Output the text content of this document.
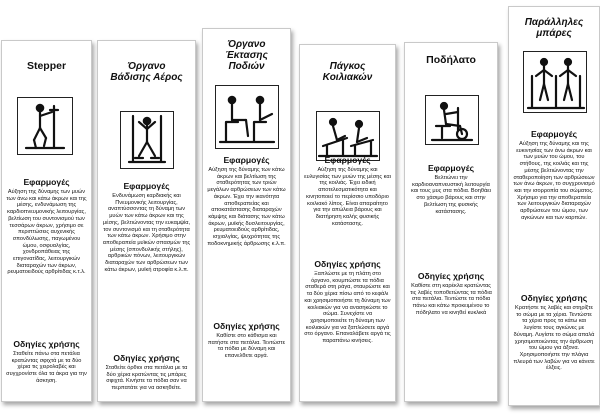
Stepper
Εφαρμογές
Αύξηση της δύναμης των μυών των άνω και κάτω άκρων και της μέσης, ενδυνάμωση της καρδιοπνευμονικής λειτουργίας, βελτίωση του συντονισμού των τεσσάρων άκρων, χρήσιμο σε περιπτώσεις αυχενικής σπονδύλωσης, παγωμένου ώμου, οσφυαλγίας, χονδροπάθειας της επιγονατίδας, λειτουργικών διαταραχών των άκρων, ρευματοειδούς αρθρίτιδας κ.τ.λ.
Οδηγίες χρήσης
Σταθείτε πάνω στα πετάλια κρατώντας σφιχτά με τα δύο χέρια τις χειρολαβές και συγχρονίστε όλα τα άκρα για την άσκηση.
Όργανο
Βάδισης Αέρος
Εφαρμογές
Ενδυνάμωση καρδιακής και Πνευμονικής λειτουργίας, αναπτύσσοντας τη δύναμη των μυών των κάτω άκρων και της μέσης, βελτιώνοντας την ευκαμψία, τον συντονισμό και τη σταθερότητα των κάτω άκρων. Χρήσιμο στην αποθεραπεία μυϊκών σπασμών της μέσης (σπονδυλικής στήλης), αρθρικών πόνων, λειτουργικών διαταραχών των αρθρώσεων των κάτω άκρων, μυϊκή ατροφία κ.λ.π.
Οδηγίες χρήσης
Σταθείτε όρθιοι στα πετάλια με τα δύο χέρια κρατώντας τις μπάρες σφιχτά. Κινήστε τα πόδια σαν να περπατάτε για να ασκηθείτε.
Όργανο
Έκτασης
Ποδιών
Εφαρμογές
Αύξηση της δύναμης των κάτω άκρων και βελτίωση της σταθερότητας των τριών μεγάλων αρθρώσεων των κάτω άκρων. Έχει την ικανότητα αποθεραπείας και αποκατάστασης διαταραχών κάμψης και διάτασης των κάτω άκρων, μυϊκής δυσλειτουργίας, ρευματοειδούς αρθρίτιδας, ισχιαλγίας, ψυχρότητας της ποδοκνημικής άρθρωσης κ.λ.π.
Οδηγίες χρήσης
Καθίστε στο κάθισμα και πατήστε στα πετάλια. Τεντώστε τα πόδια με δύναμη και επανελθετε αργά.
Πάγκος
Κοιλιακών
Εφαρμογές
Αύξηση της δύναμης και ευλυγισίας των μυών της μέσης και της κοιλιάς. Έχει ειδική αποτελεσματικότητα και κινητοποιεί το περίσσιο υποδόριο κοιλιακό λίπος. Είναι απαραίτητο για την απώλεια βάρους και διατήρηση καλής φυσικής κατάστασης.
Οδηγίες χρήσης
Ξαπλώστε με τη πλάτη στο όργανο, κουμπώστε τα πόδια σταθερά στη ράγα, σταυρώστε και τα δύο χέρια πίσω από το κεφάλι και χρησιμοποιήστε τη δύναμη των κοιλιακών για να ανασηκώστε το σώμα. Συνεχίστε να χρησιμοποιείτε τη δύναμη των κοιλιακών για να ξαπλώσετε αργά στο όργανο. Επαναλάβετε αργά τις παραπάνω κινήσεις.
Ποδήλατο
Εφαρμογές
Βελτιώνει την καρδιοαναπνευστική λειτουργία και τους μυς στα πόδια. Βοηθάει στο χάσιμο βάρους και στην βελτίωση της φυσικής κατάστασης.
Οδηγίες χρήσης
Καθίστε στη καρέκλα κρατώντας τις λαβές τοποθετώντας τα πόδια στα πετάλια. Τεντώστε τα πόδια πάνω και κάτω προκειμένου το πόδηλατο να κινηθεί κυκλικά
Παράλληλες
μπάρες
Εφαρμογές
Αύξηση της δύναμης και της ευκινησίας των άνω άκρων και των μυών του ώμου, του στήθους, της κοιλιάς και της μέσης βελτιώνοντας την σταθεροποίηση των αρθρώσεων των άνω άκρων, το συγχρονισμό και την ισορροπία του σώματος. Χρήσιμο για την αποθεραπεία των λειτουργικών διαταραχών αρθρώσεων του ώμου, των αγκώνων και των καρπών.
Οδηγίες χρήσης
Κρατήστε τις λαβές και στηρίξτε το σώμα με τα χέρια. Τεντώστε τα χέρια προς τα κάτω και λυγίστε τους αγκώνες με δύναμη. Λυγίστε το σώμα απαλά χρησιμοποιώντας την άρθρωση του ώμου για άξονα. Χρησιμοποιήστε την πλάγια πλευρά των λαβών για να κάνετε έλξεις.
